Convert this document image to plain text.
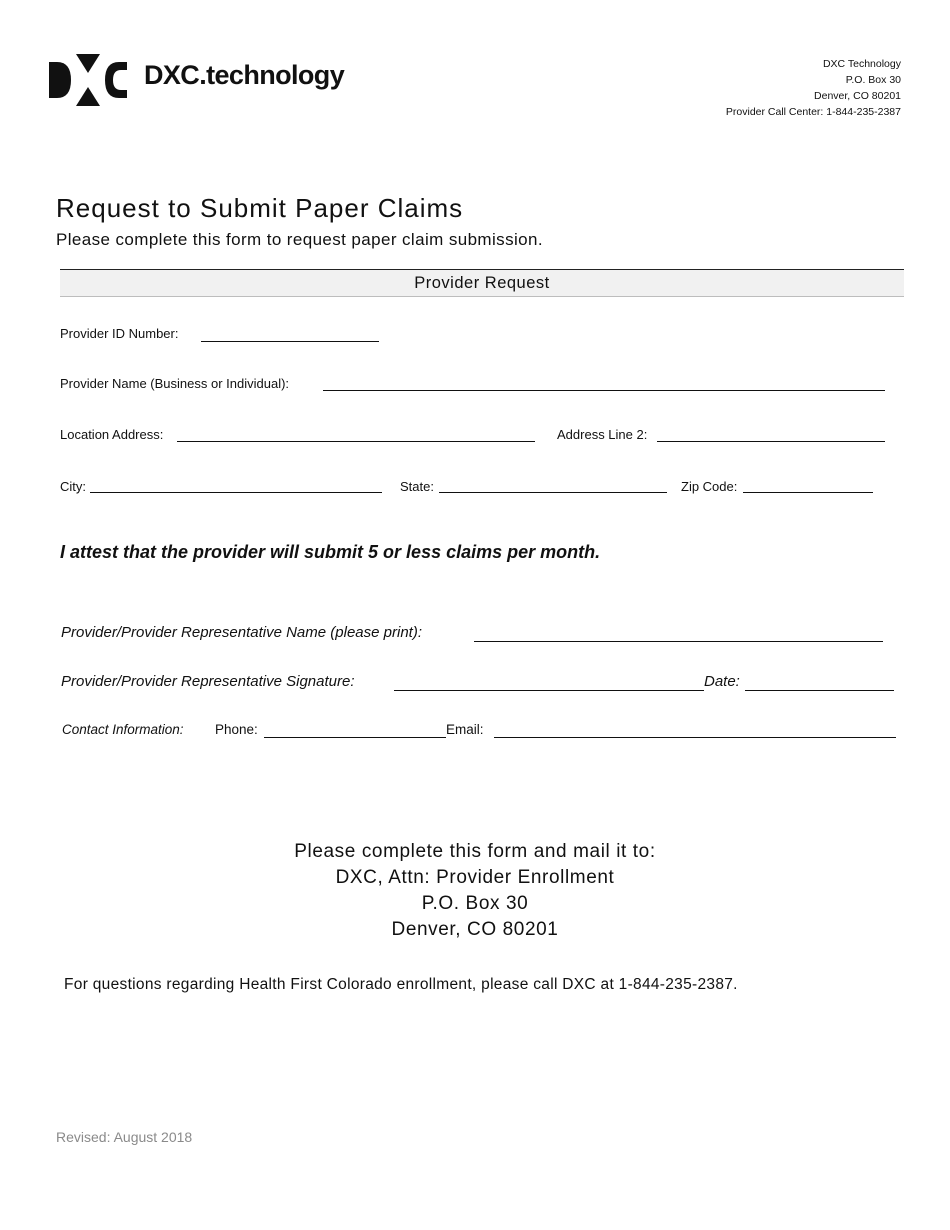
DXC.technology	DXC Technology
P.O. Box 30
Denver, CO 80201
Provider Call Center: 1-844-235-2387
Request to Submit Paper Claims
Please complete this form to request paper claim submission.
Provider Request
Provider ID Number:
Provider Name (Business or Individual):
Location Address:	Address Line 2:
City:	State:	Zip Code:
I attest that the provider will submit 5 or less claims per month.
Provider/Provider Representative Name (please print):
Provider/Provider Representative Signature:	Date:
Contact Information: Phone:	Email:
Please complete this form and mail it to:
DXC, Attn: Provider Enrollment
P.O. Box 30
Denver, CO 80201
For questions regarding Health First Colorado enrollment, please call DXC at 1-844-235-2387.
Revised: August 2018
